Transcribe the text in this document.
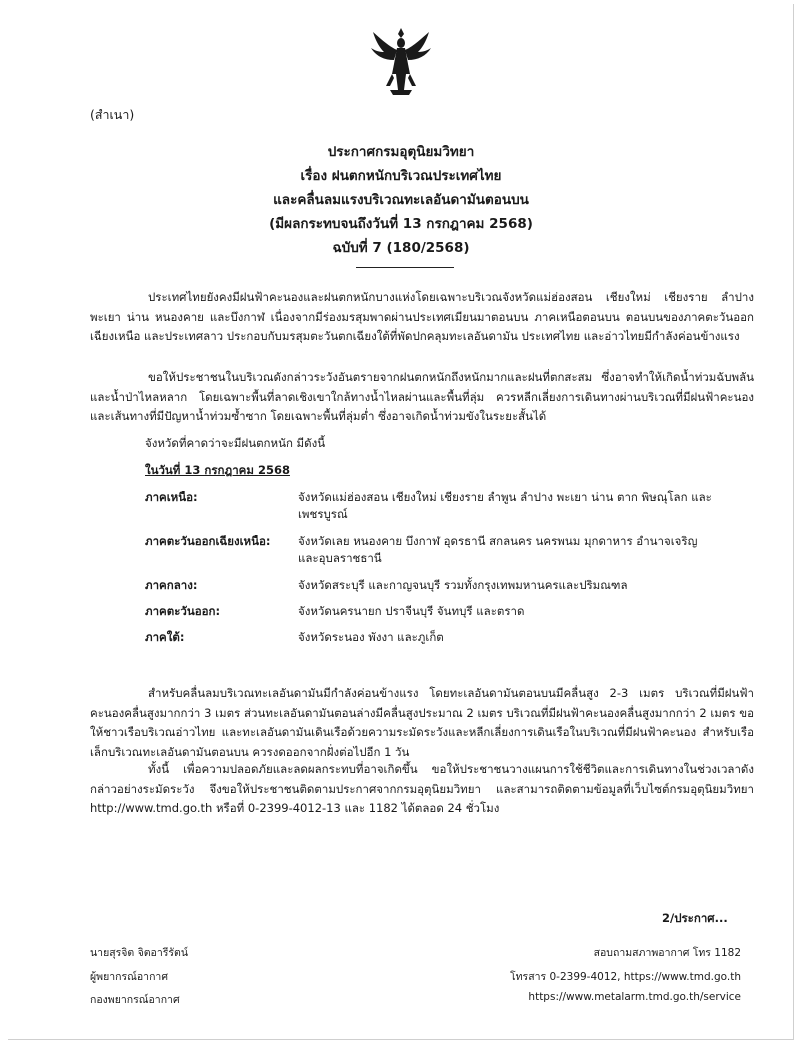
(สำเนา)
ประกาศกรมอุตุนิยมวิทยา
เรื่อง ฝนตกหนักบริเวณประเทศไทย
และคลื่นลมแรงบริเวณทะเลอันดามันตอนบน
(มีผลกระทบจนถึงวันที่ 13 กรกฎาคม 2568)
ฉบับที่ 7 (180/2568)
ประเทศไทยยังคงมีฝนฟ้าคะนองและฝนตกหนักบางแห่งโดยเฉพาะบริเวณจังหวัดแม่ฮ่องสอน เชียงใหม่ เชียงราย ลำปาง พะเยา น่าน หนองคาย และบึงกาฬ เนื่องจากมีร่องมรสุมพาดผ่านประเทศเมียนมาตอนบน ภาคเหนือตอนบน ตอนบนของภาคตะวันออกเฉียงเหนือ และประเทศลาว ประกอบกับมรสุมตะวันตกเฉียงใต้ที่พัดปกคลุมทะเลอันดามัน ประเทศไทย และอ่าวไทยมีกำลังค่อนข้างแรง
ขอให้ประชาชนในบริเวณดังกล่าวระวังอันตรายจากฝนตกหนักถึงหนักมากและฝนที่ตกสะสม ซึ่งอาจทำให้เกิดน้ำท่วมฉับพลันและน้ำป่าไหลหลาก โดยเฉพาะพื้นที่ลาดเชิงเขาใกล้ทางน้ำไหลผ่านและพื้นที่ลุ่ม ควรหลีกเลี่ยงการเดินทางผ่านบริเวณที่มีฝนฟ้าคะนองและเส้นทางที่มีปัญหาน้ำท่วมซ้ำซาก โดยเฉพาะพื้นที่ลุ่มต่ำ ซึ่งอาจเกิดน้ำท่วมขังในระยะสั้นได้
จังหวัดที่คาดว่าจะมีฝนตกหนัก มีดังนี้
ในวันที่ 13 กรกฎาคม 2568
ภาคเหนือ:	จังหวัดแม่ฮ่องสอน เชียงใหม่ เชียงราย ลำพูน ลำปาง พะเยา น่าน ตาก พิษณุโลก และเพชรบูรณ์
ภาคตะวันออกเฉียงเหนือ:	จังหวัดเลย หนองคาย บึงกาฬ อุดรธานี สกลนคร นครพนม มุกดาหาร อำนาจเจริญ และอุบลราชธานี
ภาคกลาง:	จังหวัดสระบุรี และกาญจนบุรี รวมทั้งกรุงเทพมหานครและปริมณฑล
ภาคตะวันออก:	จังหวัดนครนายก ปราจีนบุรี จันทบุรี และตราด
ภาคใต้:	จังหวัดระนอง พังงา และภูเก็ต
สำหรับคลื่นลมบริเวณทะเลอันดามันมีกำลังค่อนข้างแรง โดยทะเลอันดามันตอนบนมีคลื่นสูง 2-3 เมตร บริเวณที่มีฝนฟ้าคะนองคลื่นสูงมากกว่า 3 เมตร ส่วนทะเลอันดามันตอนล่างมีคลื่นสูงประมาณ 2 เมตร บริเวณที่มีฝนฟ้าคะนองคลื่นสูงมากกว่า 2 เมตร ขอให้ชาวเรือบริเวณอ่าวไทย และทะเลอันดามันเดินเรือด้วยความระมัดระวังและหลีกเลี่ยงการเดินเรือในบริเวณที่มีฝนฟ้าคะนอง สำหรับเรือเล็กบริเวณทะเลอันดามันตอนบน ควรงดออกจากฝั่งต่อไปอีก 1 วัน
ทั้งนี้ เพื่อความปลอดภัยและลดผลกระทบที่อาจเกิดขึ้น ขอให้ประชาชนวางแผนการใช้ชีวิตและการเดินทางในช่วงเวลาดังกล่าวอย่างระมัดระวัง จึงขอให้ประชาชนติดตามประกาศจากกรมอุตุนิยมวิทยา และสามารถติดตามข้อมูลที่เว็บไซต์กรมอุตุนิยมวิทยา http://www.tmd.go.th หรือที่ 0-2399-4012-13 และ 1182 ได้ตลอด 24 ชั่วโมง
2/ประกาศ...
นายสุรจิต จิตอารีรัตน์
ผู้พยากรณ์อากาศ
กองพยากรณ์อากาศ
สอบถามสภาพอากาศ โทร 1182
โทรสาร 0-2399-4012, https://www.tmd.go.th
https://www.metalarm.tmd.go.th/service
